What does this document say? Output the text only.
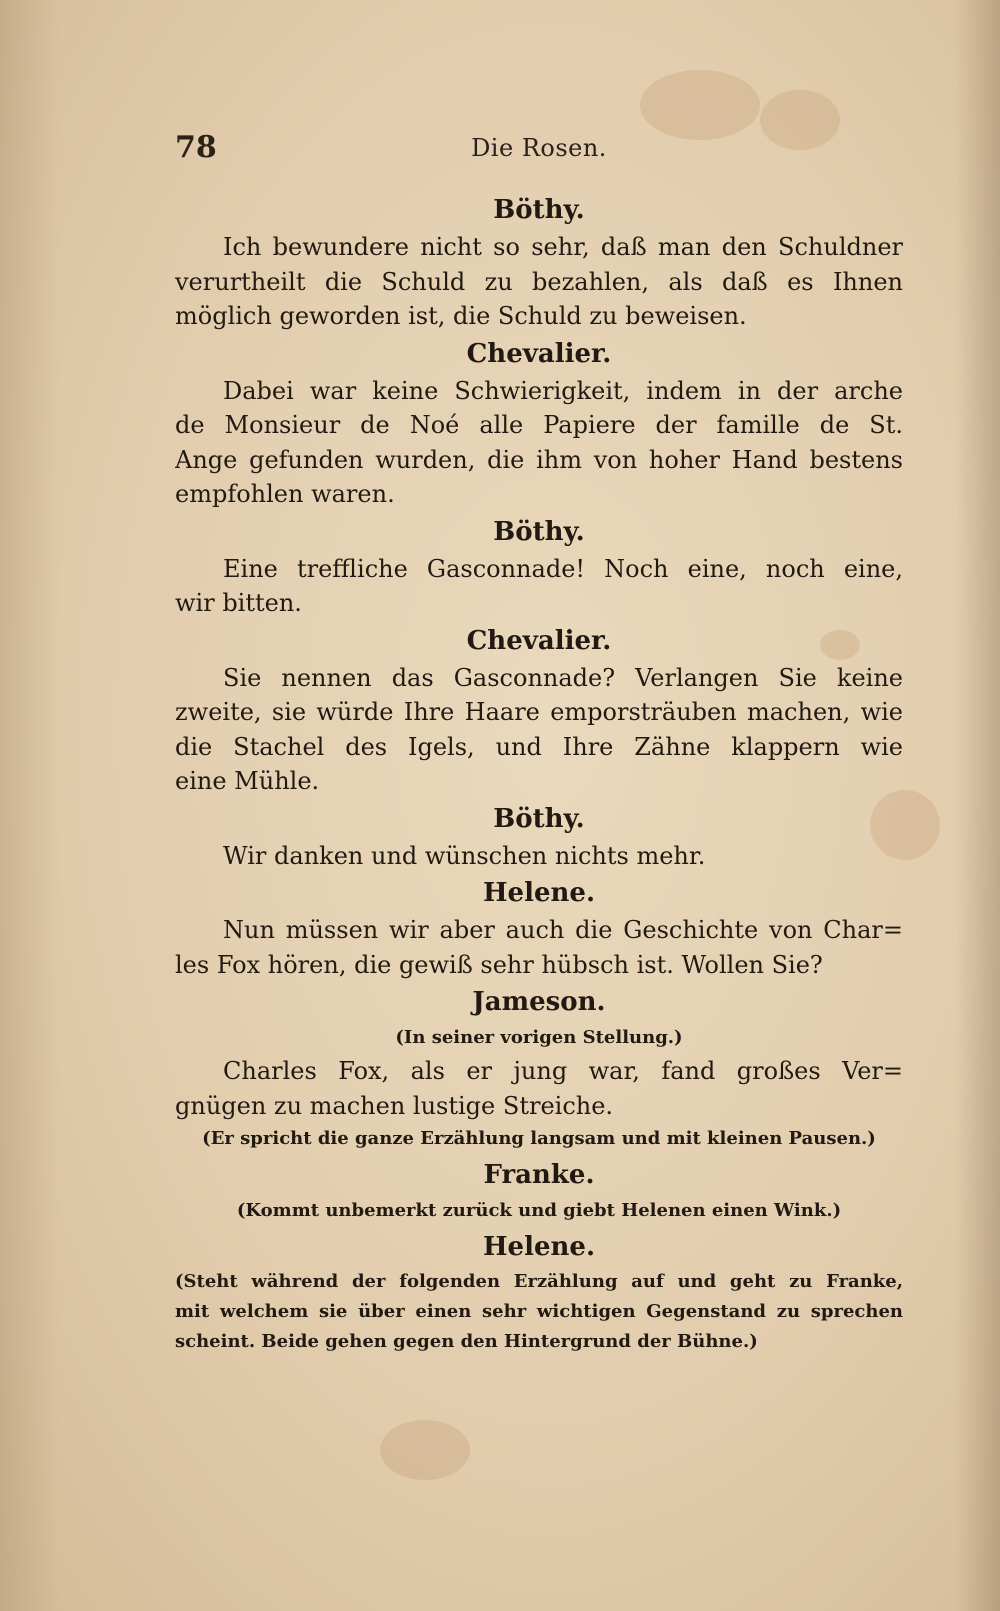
78	Die Rosen.
Böthy.
Ich bewundere nicht so sehr, daß man den Schuldner
verurtheilt die Schuld zu bezahlen, als daß es Ihnen
möglich geworden ist, die Schuld zu beweisen.
Chevalier.
Dabei war keine Schwierigkeit, indem in der arche
de Monsieur de Noé alle Papiere der famille de St.
Ange gefunden wurden, die ihm von hoher Hand bestens
empfohlen waren.
Böthy.
Eine treffliche Gasconnade! Noch eine, noch eine,
wir bitten.
Chevalier.
Sie nennen das Gasconnade? Verlangen Sie keine
zweite, sie würde Ihre Haare emporsträuben machen, wie
die Stachel des Igels, und Ihre Zähne klappern wie
eine Mühle.
Böthy.
Wir danken und wünschen nichts mehr.
Helene.
Nun müssen wir aber auch die Geschichte von Char=
les Fox hören, die gewiß sehr hübsch ist. Wollen Sie?
Jameson.
(In seiner vorigen Stellung.)
Charles Fox, als er jung war, fand großes Ver=
gnügen zu machen lustige Streiche.
(Er spricht die ganze Erzählung langsam und mit kleinen Pausen.)
Franke.
(Kommt unbemerkt zurück und giebt Helenen einen Wink.)
Helene.
(Steht während der folgenden Erzählung auf und geht zu Franke,
mit welchem sie über einen sehr wichtigen Gegenstand zu sprechen
scheint. Beide gehen gegen den Hintergrund der Bühne.)
